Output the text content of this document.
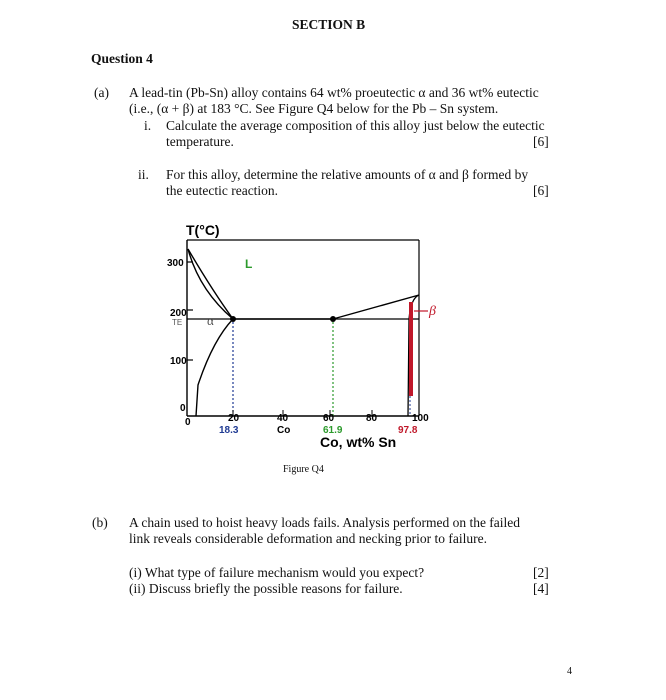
SECTION B
Question 4
(a) A lead-tin (Pb-Sn) alloy contains 64 wt% proeutectic α and 36 wt% eutectic
(i.e., (α + β) at 183 °C. See Figure Q4 below for the Pb – Sn system.
i. Calculate the average composition of this alloy just below the eutectic
temperature.	[6]
ii. For this alloy, determine the relative amounts of α and β formed by
the eutectic reaction.	[6]
T(°C)
300
200
TE
100
0
L
α
β
0	20
18.3
40
Co
60
61.9
80	100
97.8
Co, wt% Sn
Figure Q4
(b) A chain used to hoist heavy loads fails. Analysis performed on the failed
link reveals considerable deformation and necking prior to failure.
(i) What type of failure mechanism would you expect?	[2]
(ii) Discuss briefly the possible reasons for failure.	[4]
4
